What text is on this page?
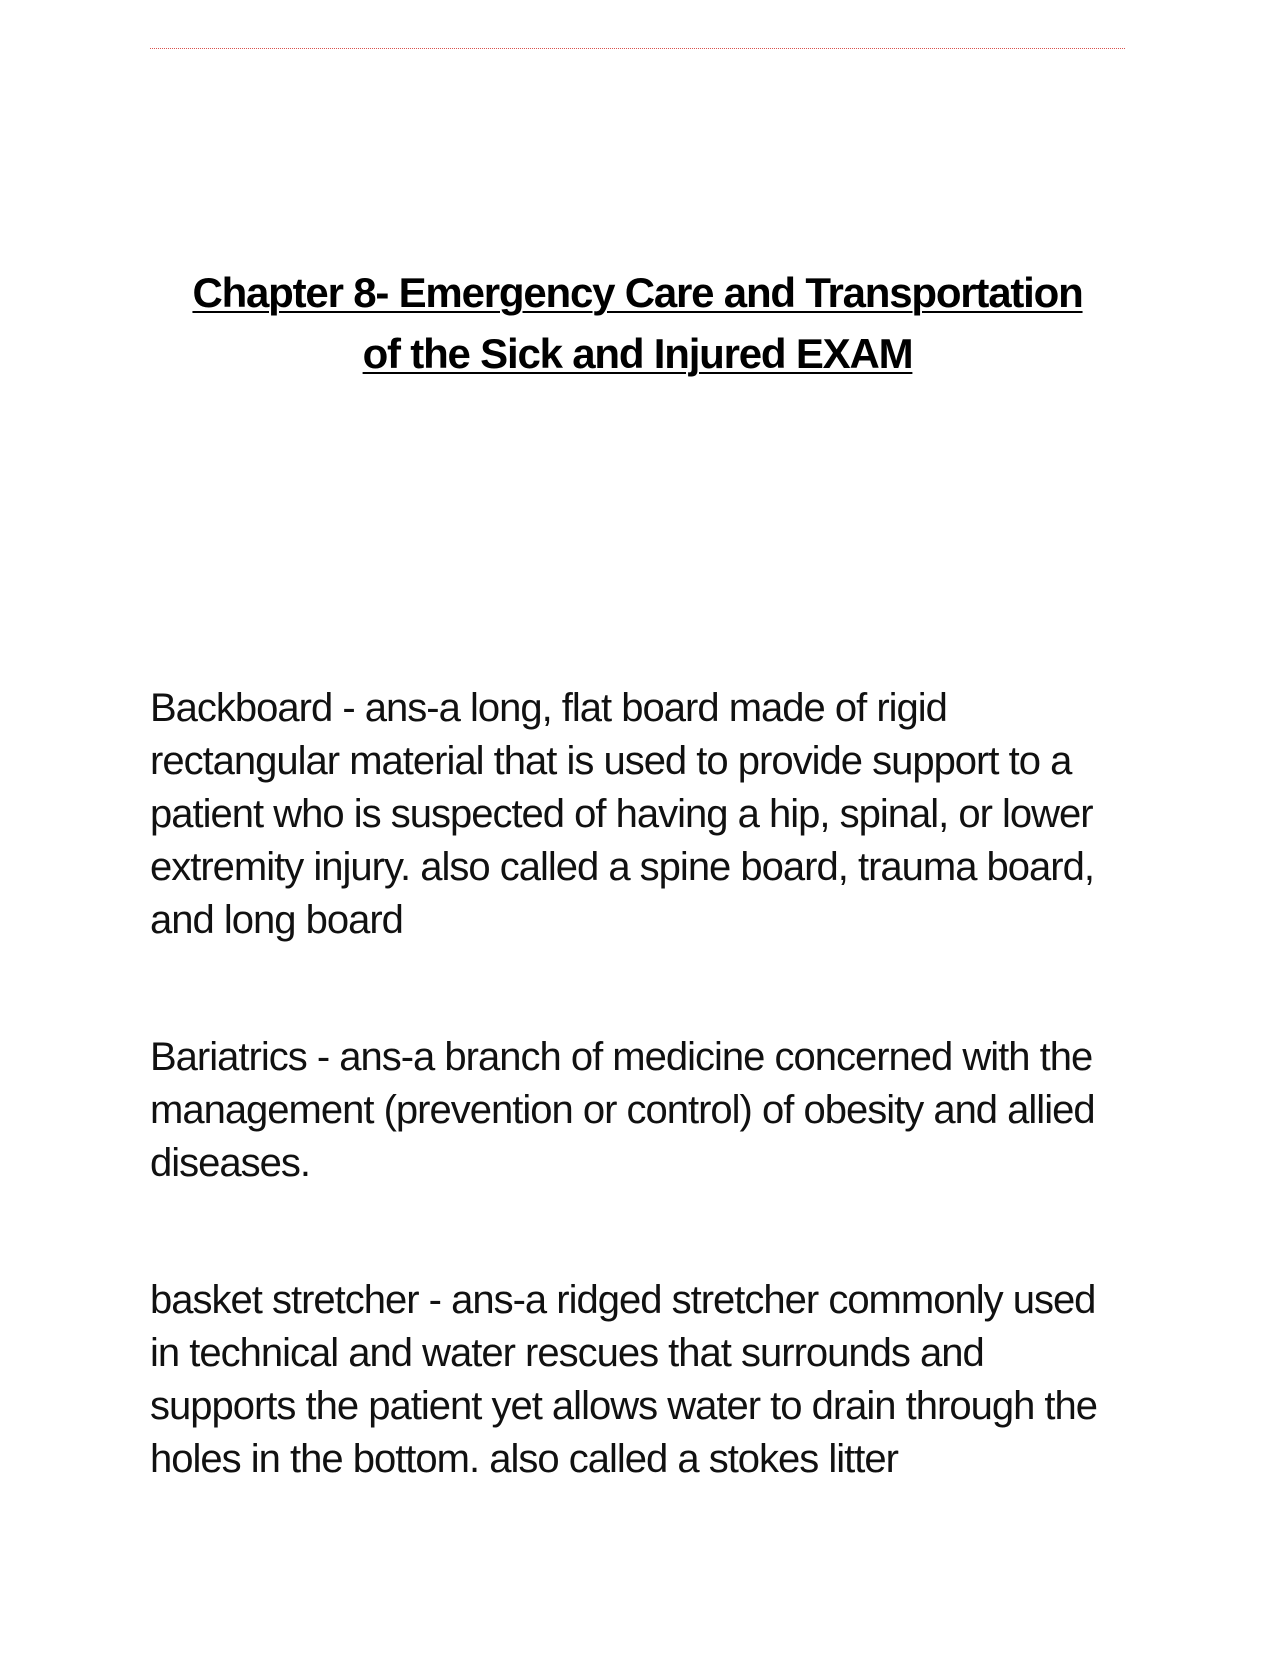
Chapter 8- Emergency Care and Transportation
of the Sick and Injured EXAM

Backboard - ans-a long, flat board made of rigid rectangular material that is used to provide support to a patient who is suspected of having a hip, spinal, or lower extremity injury. also called a spine board, trauma board, and long board

Bariatrics - ans-a branch of medicine concerned with the management (prevention or control) of obesity and allied diseases.

basket stretcher - ans-a ridged stretcher commonly used in technical and water rescues that surrounds and supports the patient yet allows water to drain through the holes in the bottom. also called a stokes litter
